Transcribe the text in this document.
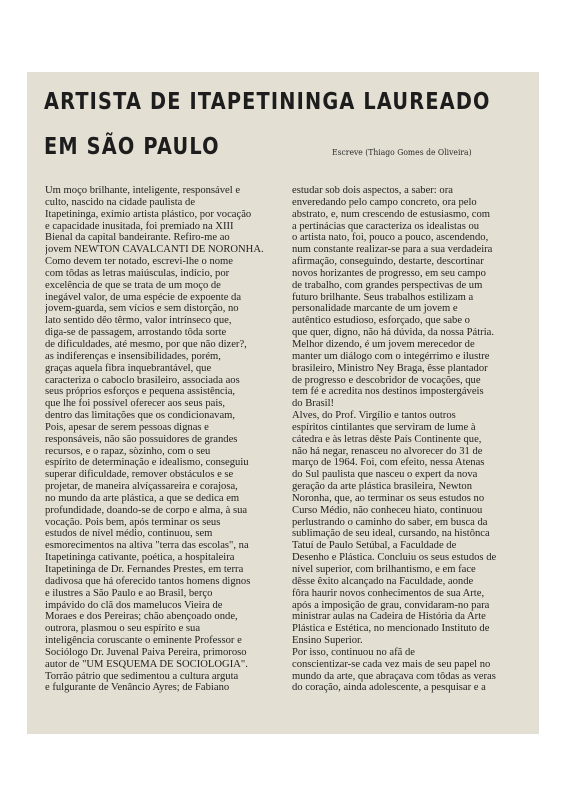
ARTISTA DE ITAPETININGA LAUREADO
EM SÃO PAULO	Escreve (Thiago Gomes de Oliveira)
Um moço brilhante, inteligente, responsável e
culto, nascido na cidade paulista de
Itapetininga, exímio artista plástico, por vocação
e capacidade inusitada, foi premiado na XIII
Bienal da capital bandeirante. Refiro-me ao
jovem NEWTON CAVALCANTI DE NORONHA.
Como devem ter notado, escrevi-lhe o nome
com tôdas as letras maiúsculas, indício, por
excelência de que se trata de um moço de
inegável valor, de uma espécie de expoente da
jovem-guarda, sem vícios e sem distorção, no
lato sentido dêo têrmo, valor intrínseco que,
diga-se de passagem, arrostando tôda sorte
de dificuldades, até mesmo, por que não dizer?,
as indiferenças e insensibilidades, porém,
graças aquela fibra inquebrantável, que
caracteriza o caboclo brasileiro, associada aos
seus próprios esforços e pequena assistência,
que lhe foi possível oferecer aos seus pais,
dentro das limitações que os condicionavam,
Pois, apesar de serem pessoas dignas e
responsáveis, não são possuidores de grandes
recursos, e o rapaz, sòzinho, com o seu
espírito de determinação e idealismo, conseguiu
superar dificuldade, remover obstáculos e se
projetar, de maneira alvíçassareira e corajosa,
no mundo da arte plástica, a que se dedica em
profundidade, doando-se de corpo e alma, à sua
vocação. Pois bem, após terminar os seus
estudos de nível médio, continuou, sem
esmorecimentos na altiva "terra das escolas", na
Itapetininga cativante, poética, a hospitaleira
Itapetininga de Dr. Fernandes Prestes, em terra
dadivosa que há oferecido tantos homens dignos
e ilustres a São Paulo e ao Brasil, berço
impávido do clã dos mamelucos Vieira de
Moraes e dos Pereiras; chão abençoado onde,
outrora, plasmou o seu espírito e sua
inteligência coruscante o eminente Professor e
Sociólogo Dr. Juvenal Paiva Pereira, primoroso
autor de "UM ESQUEMA DE SOCIOLOGIA".
Torrão pátrio que sedimentou a cultura arguta
e fulgurante de Venâncio Ayres; de Fabiano
estudar sob dois aspectos, a saber: ora
enveredando pelo campo concreto, ora pelo
abstrato, e, num crescendo de estusiasmo, com
a pertinácias que caracteriza os idealistas ou
o artista nato, foi, pouco a pouco, ascendendo,
num constante realizar-se para a sua verdadeira
afirmação, conseguindo, destarte, descortinar
novos horizantes de progresso, em seu campo
de trabalho, com grandes perspectivas de um
futuro brilhante. Seus trabalhos estilizam a
personalidade marcante de um jovem e
autêntico estudioso, esforçado, que sabe o
que quer, digno, não há dúvida, da nossa Pátria.
Melhor dizendo, é um jovem merecedor de
manter um diálogo com o integérrimo e ilustre
brasileiro, Ministro Ney Braga, êsse plantador
de progresso e descobridor de vocações, que
tem fé e acredita nos destinos impostergáveis
do Brasil!
Alves, do Prof. Virgílio e tantos outros
espíritos cintilantes que serviram de lume à
cátedra e às letras dêste País Continente que,
não há negar, renasceu no alvorecer do 31 de
março de 1964. Foi, com efeito, nessa Atenas
do Sul paulista que nasceu o expert da nova
geração da arte plástica brasileira, Newton
Noronha, que, ao terminar os seus estudos no
Curso Médio, não conheceu hiato, continuou
perlustrando o caminho do saber, em busca da
sublimação de seu ideal, cursando, na histônca
Tatuí de Paulo Setúbal, a Faculdade de
Desenho e Plástica. Concluiu os seus estudos de
nível superior, com brilhantismo, e em face
dêsse êxito alcançado na Faculdade, aonde
fôra haurir novos conhecimentos de sua Arte,
após a imposição de grau, convidaram-no para
ministrar aulas na Cadeira de História da Arte
Plástica e Estética, no mencionado Instituto de
Ensino Superior.
Por isso, continuou no afã de
conscientizar-se cada vez mais de seu papel no
mundo da arte, que abraçava com tôdas as veras
do coração, ainda adolescente, a pesquisar e a
